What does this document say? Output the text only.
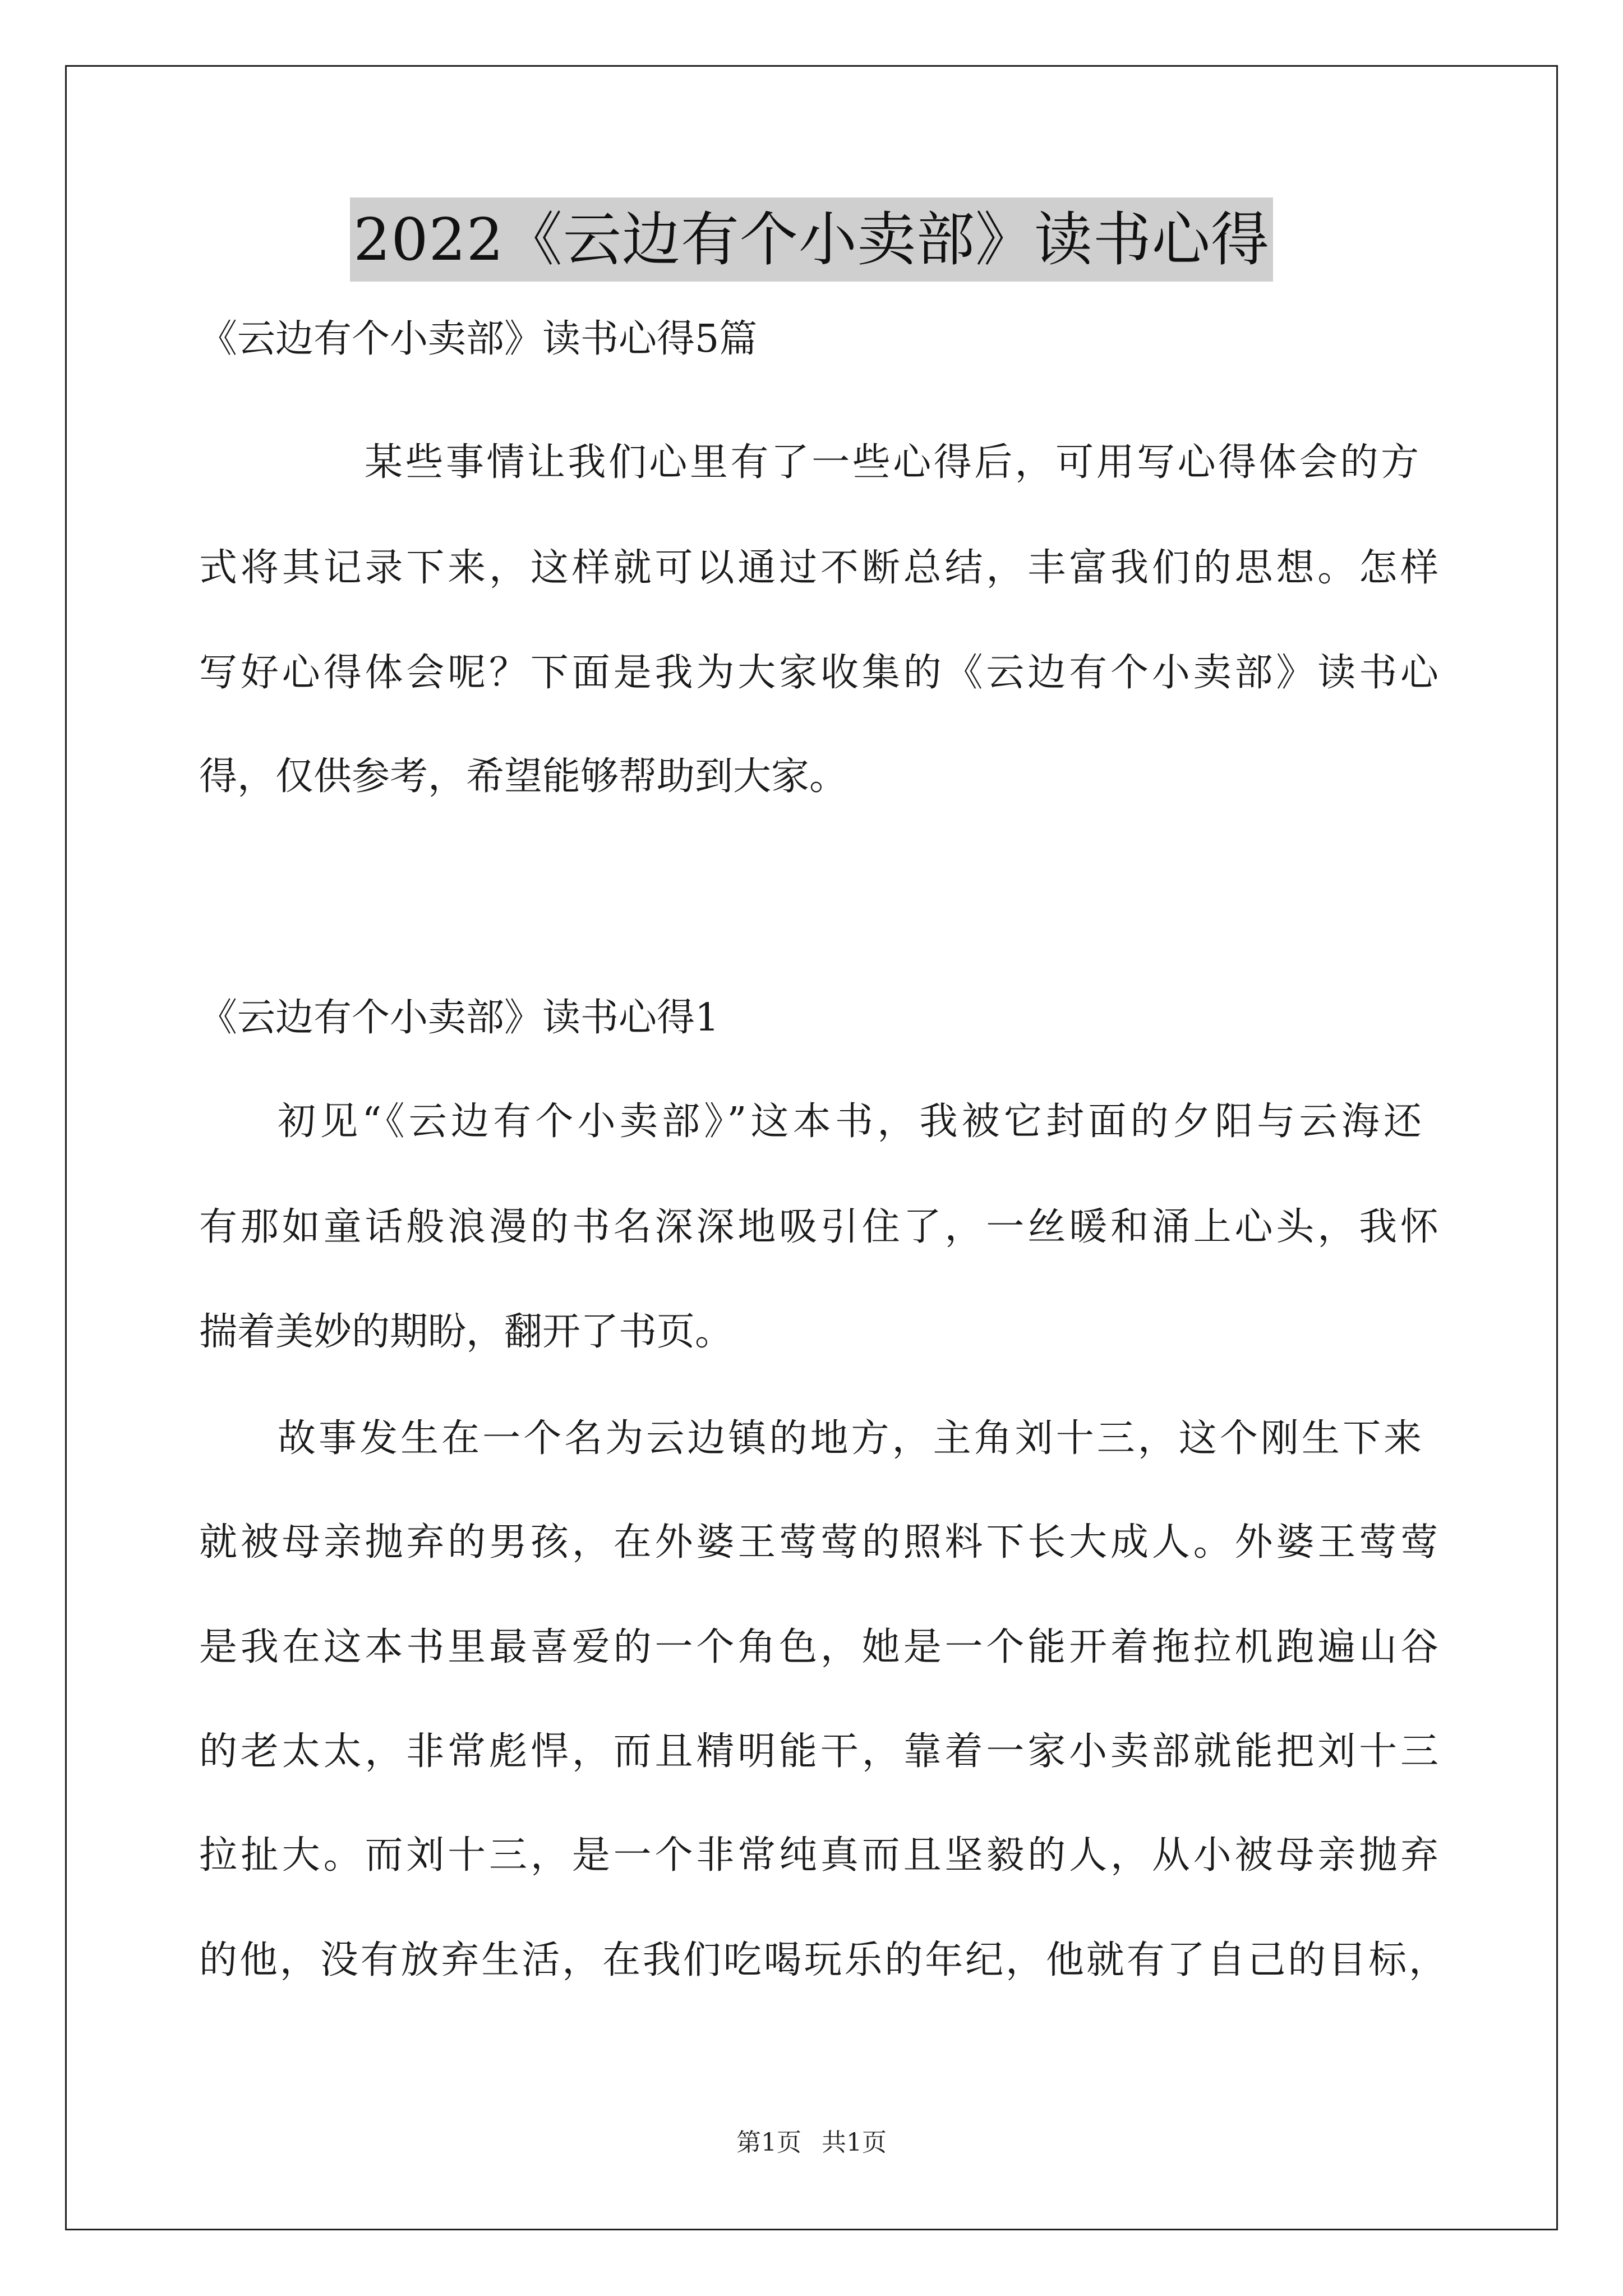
2022《云边有个小卖部》读书心得
《云边有个小卖部》读书心得5篇
某些事情让我们心里有了一些心得后，可用写心得体会的方
式将其记录下来，这样就可以通过不断总结，丰富我们的思想。怎样
写好心得体会呢？下面是我为大家收集的《云边有个小卖部》读书心
得，仅供参考，希望能够帮助到大家。
《云边有个小卖部》读书心得1
初见“《云边有个小卖部》”这本书，我被它封面的夕阳与云海还
有那如童话般浪漫的书名深深地吸引住了，一丝暖和涌上心头，我怀
揣着美妙的期盼，翻开了书页。
故事发生在一个名为云边镇的地方，主角刘十三，这个刚生下来
就被母亲抛弃的男孩，在外婆王莺莺的照料下长大成人。外婆王莺莺
是我在这本书里最喜爱的一个角色，她是一个能开着拖拉机跑遍山谷
的老太太，非常彪悍，而且精明能干，靠着一家小卖部就能把刘十三
拉扯大。而刘十三，是一个非常纯真而且坚毅的人，从小被母亲抛弃
的他，没有放弃生活，在我们吃喝玩乐的年纪，他就有了自己的目标，
第1页 共1页
